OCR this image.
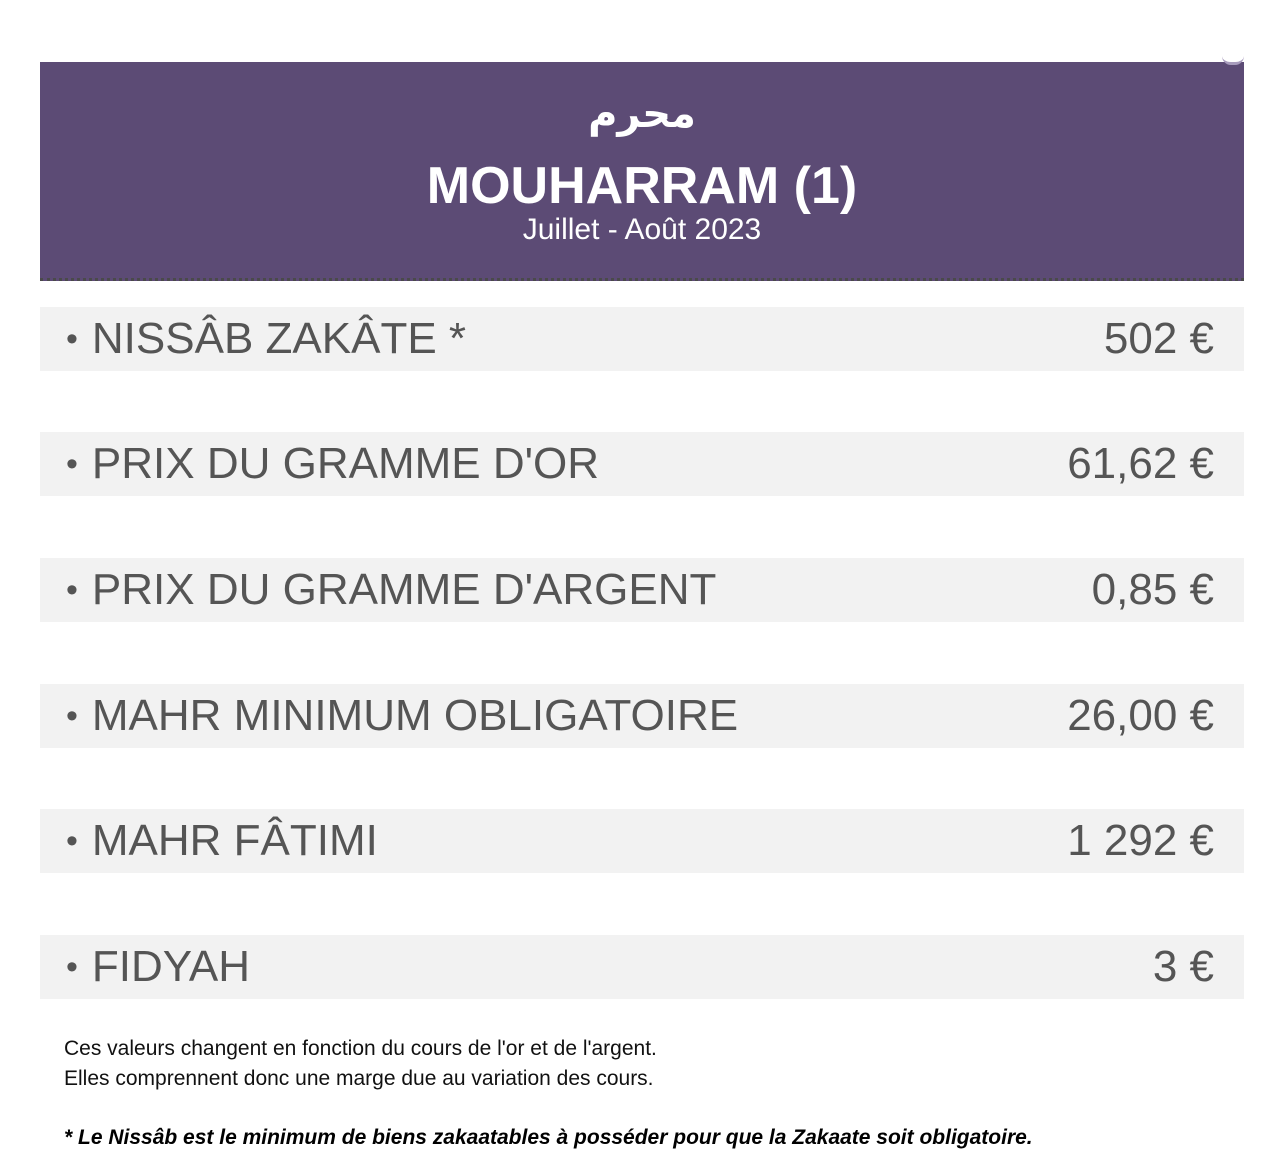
محرم
MOUHARRAM (1)
Juillet - Août 2023
• NISSÂB ZAKÂTE *	502 €
• PRIX DU GRAMME D'OR	61,62 €
• PRIX DU GRAMME D'ARGENT	0,85 €
• MAHR MINIMUM OBLIGATOIRE	26,00 €
• MAHR FÂTIMI	1 292 €
• FIDYAH	3 €
Ces valeurs changent en fonction du cours de l'or et de l'argent.
Elles comprennent donc une marge due au variation des cours.
* Le Nissâb est le minimum de biens zakaatables à posséder pour que la Zakaate soit obligatoire.
